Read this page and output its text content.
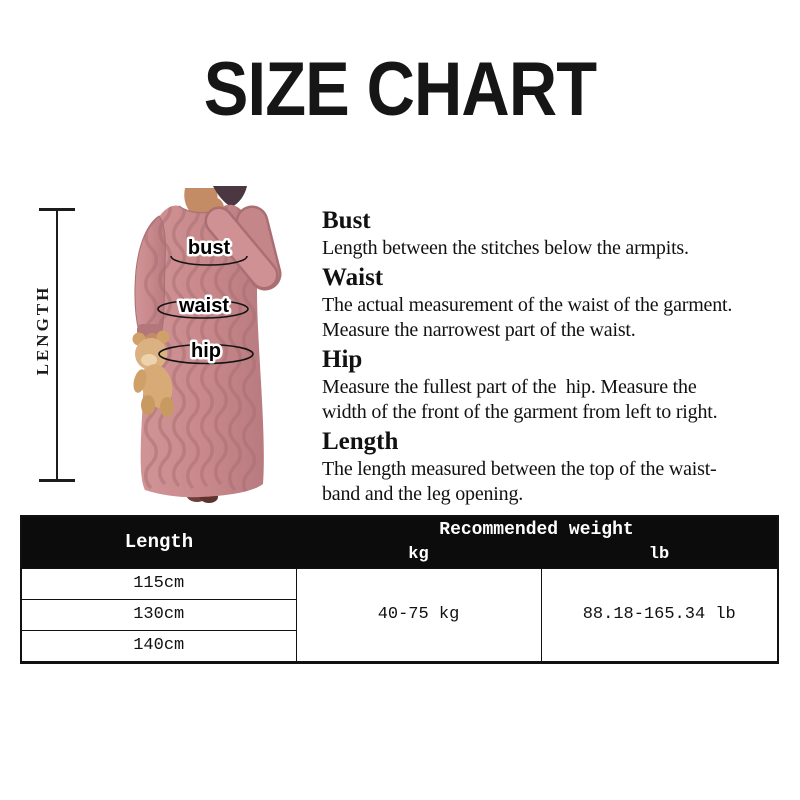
SIZE CHART
LENGTH
bust
waist
hip
Bust
Length between the stitches below the armpits.
Waist
The actual measurement of the waist of the garment.
Measure the narrowest part of the waist.
Hip
Measure the fullest part of the  hip. Measure the
width of the front of the garment from left to right.
Length
The length measured between the top of the waist-
band and the leg opening.
Length	Recommended weight	
	kg	lb
115cm	40-75 kg	88.18-165.34 lb
130cm		
140cm		
